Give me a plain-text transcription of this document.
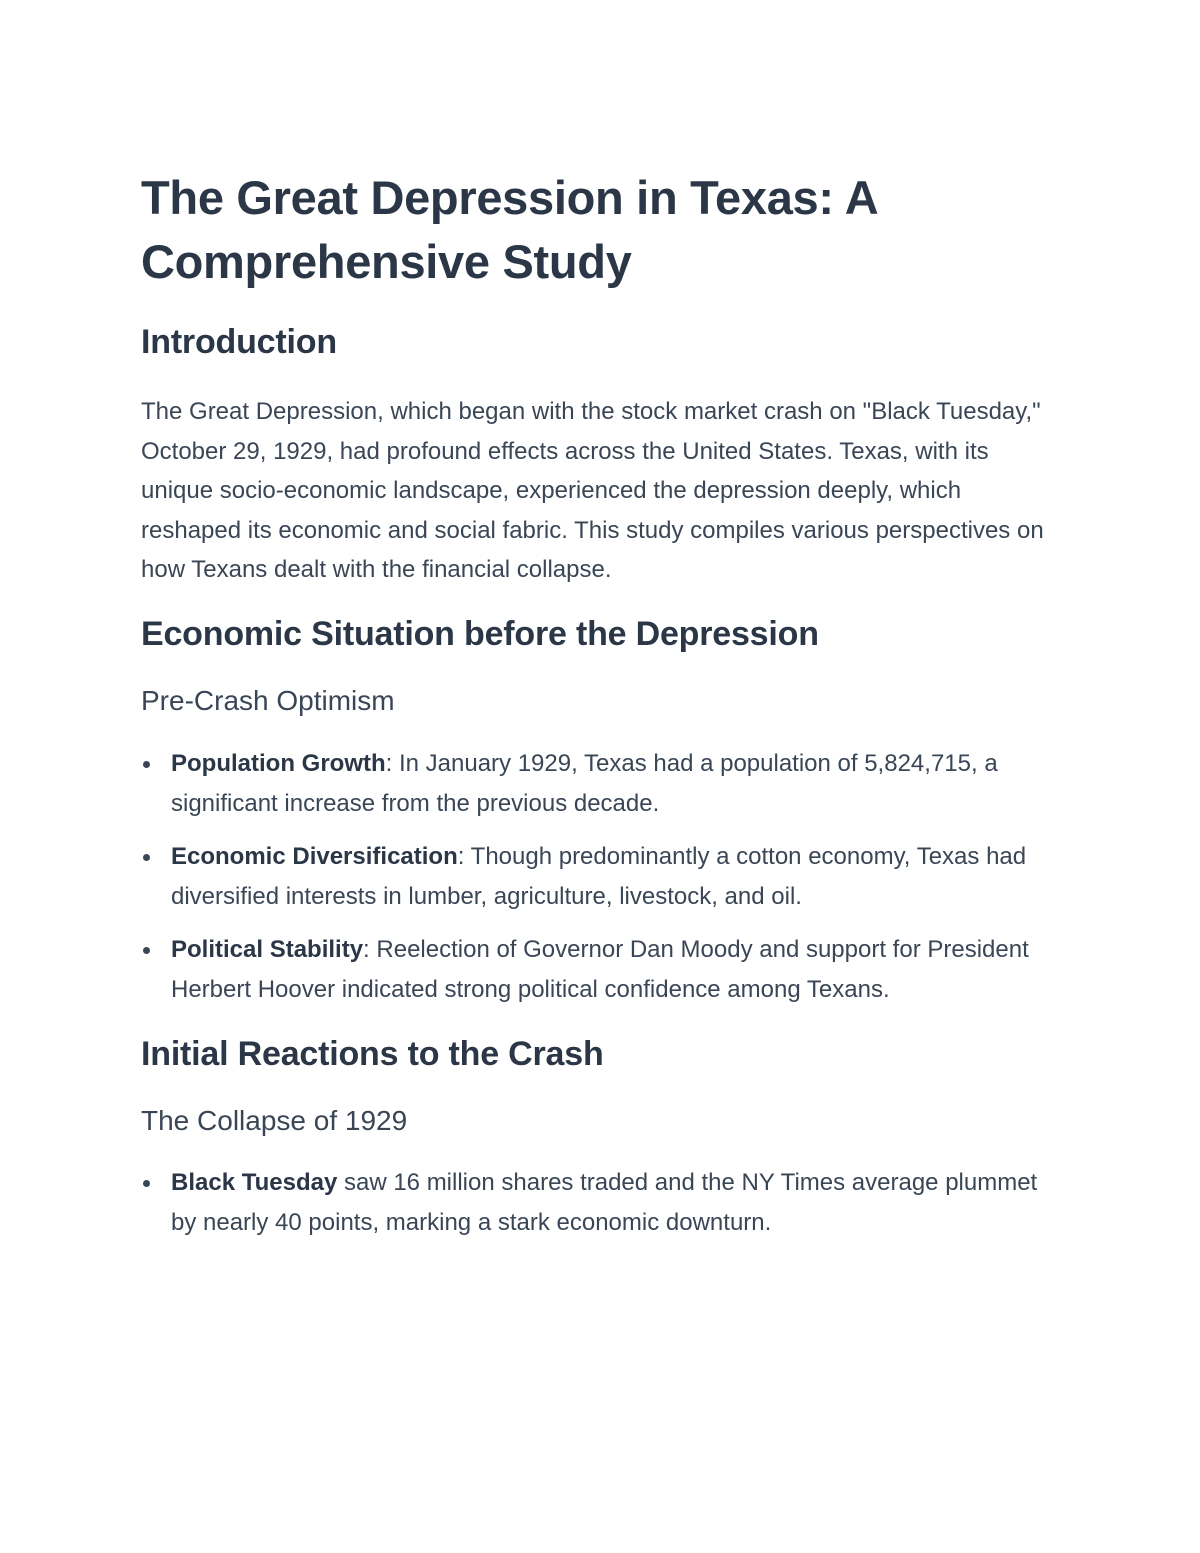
The Great Depression in Texas: A Comprehensive Study
Introduction

The Great Depression, which began with the stock market crash on "Black Tuesday," October 29, 1929, had profound effects across the United States. Texas, with its unique socio-economic landscape, experienced the depression deeply, which reshaped its economic and social fabric. This study compiles various perspectives on how Texans dealt with the financial collapse.

Economic Situation before the Depression
Pre-Crash Optimism
Population Growth: In January 1929, Texas had a population of 5,824,715, a significant increase from the previous decade.
Economic Diversification: Though predominantly a cotton economy, Texas had diversified interests in lumber, agriculture, livestock, and oil.
Political Stability: Reelection of Governor Dan Moody and support for President Herbert Hoover indicated strong political confidence among Texans.
Initial Reactions to the Crash
The Collapse of 1929
Black Tuesday saw 16 million shares traded and the NY Times average plummet by nearly 40 points, marking a stark economic downturn.
